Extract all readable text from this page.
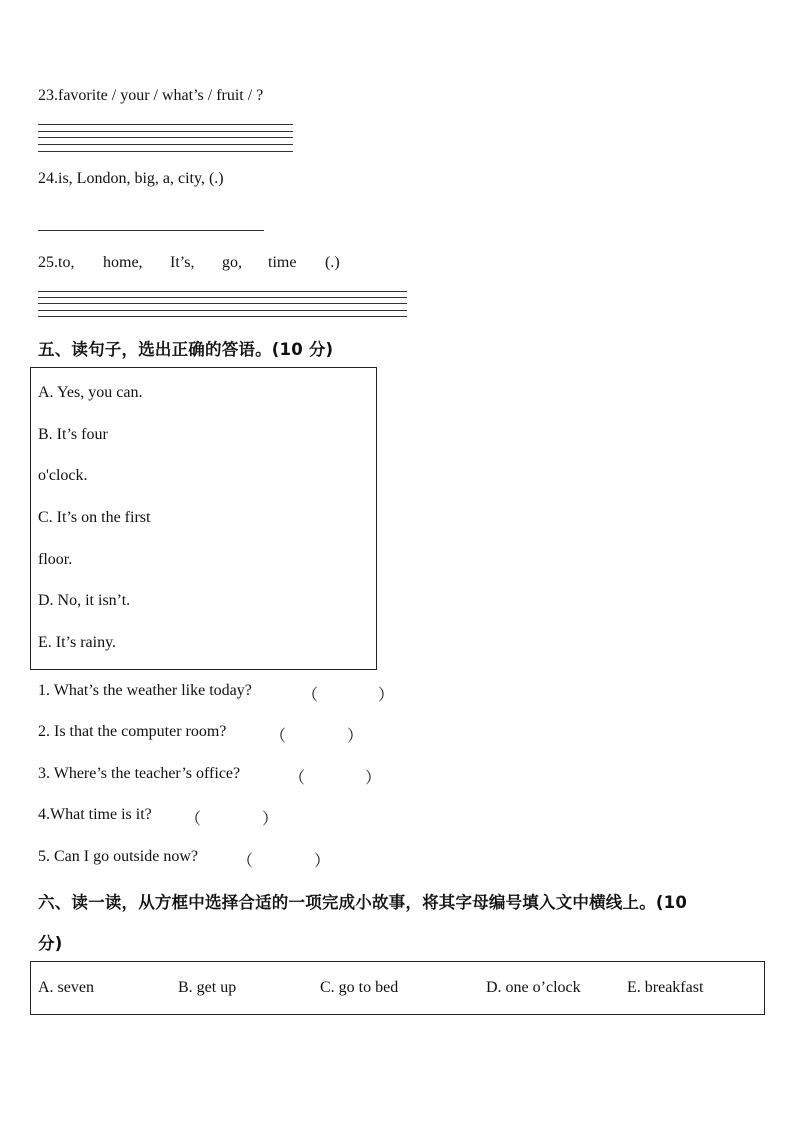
23.favorite / your / what’s / fruit / ?
24.is, London, big, a, city, (.)
25.to, home, It’s, go, time (.)
五、读句子，选出正确的答语。(10 分)
A. Yes, you can.
B. It’s four
o'clock.
C. It’s on the first
floor.
D. No, it isn’t.
E. It’s rainy.
1. What’s the weather like today?	（	）
2. Is that the computer room?	（	）
3. Where’s the teacher’s office?	（	）
4.What time is it? （	）
5. Can I go outside now? （	）
六、读一读，从方框中选择合适的一项完成小故事，将其字母编号填入文中横线上。(10
分)
A. seven	B. get up	C. go to bed	D. one o’clock	E. breakfast
